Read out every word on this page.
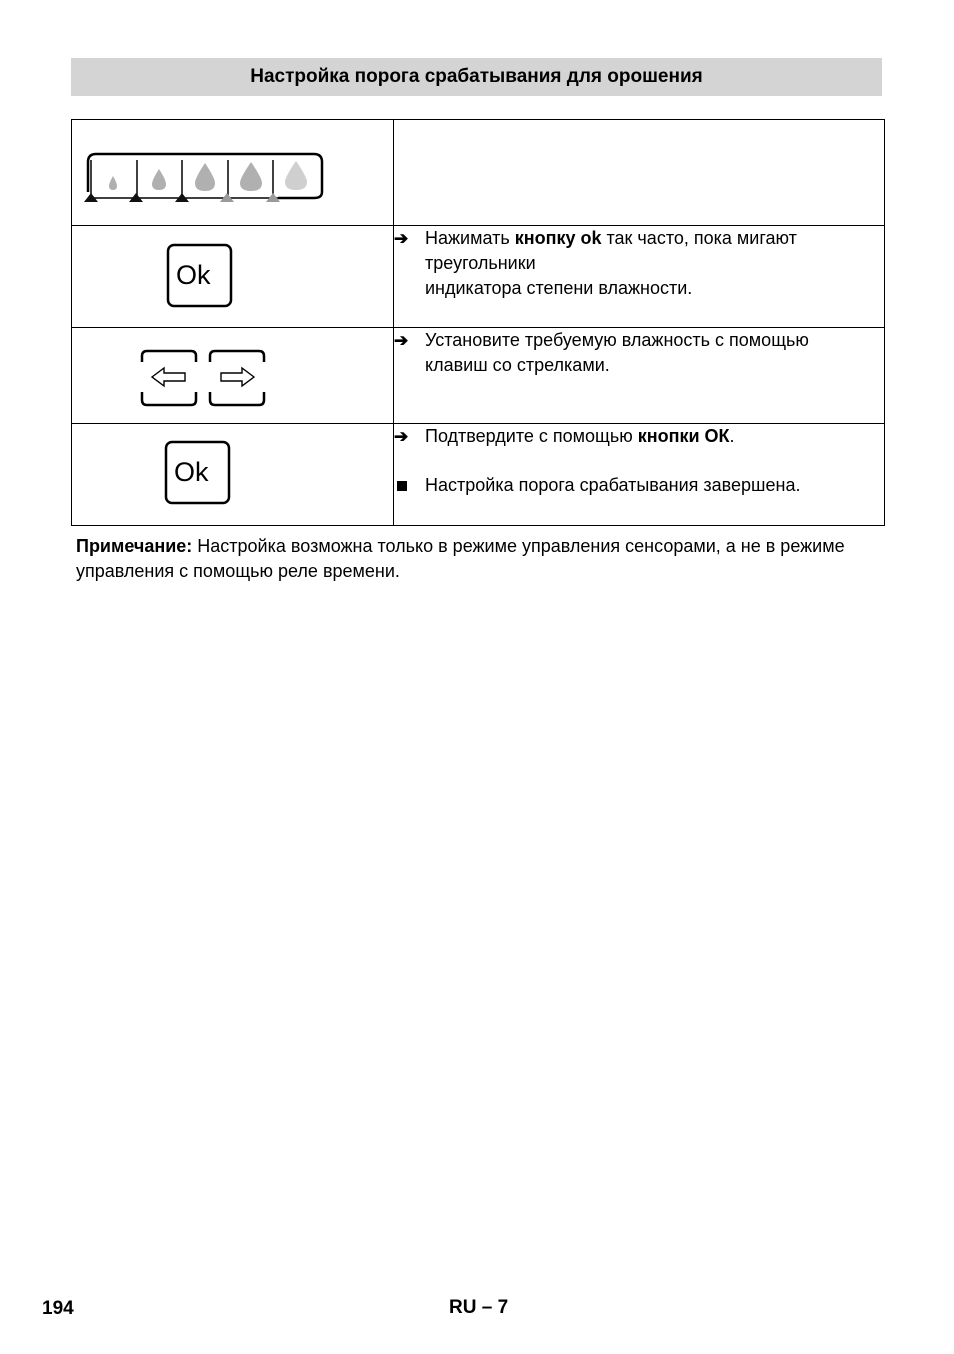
Настройка порога срабатывания для орошения

Ok	➔ Нажимать кнопку ok так часто, пока мигают
треугольники
индикатора степени влажности.

➔ Установите требуемую влажность с помощью
клавиш со стрелками.

Ok	➔ Подтвердите с помощью кнопки ОК.
Настройка порога срабатывания завершена.
Примечание: Настройка возможна только в режиме управления сенсорами, а не в режиме управления с помощью реле времени.
194	RU – 7
